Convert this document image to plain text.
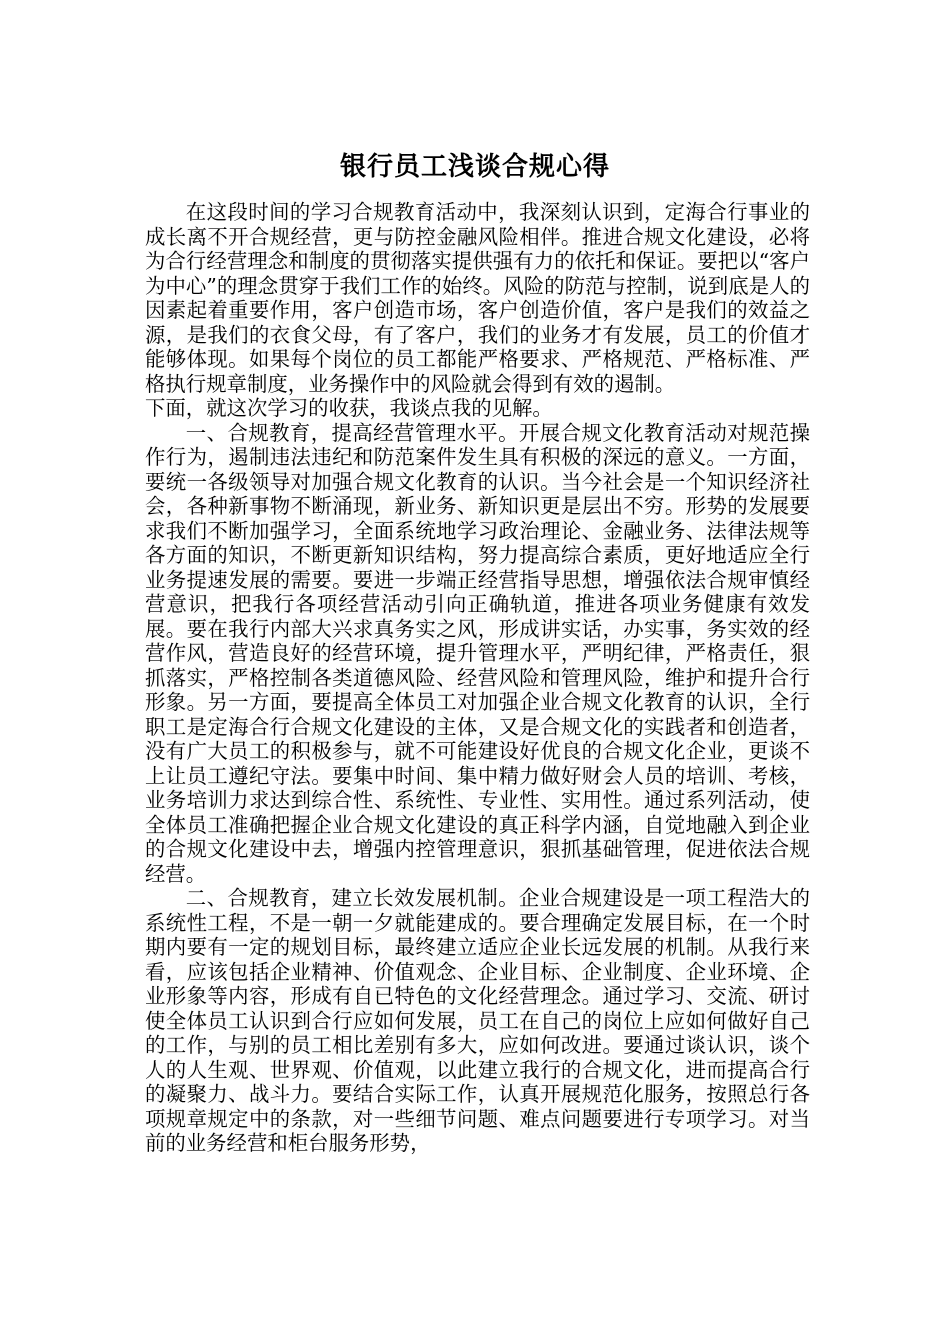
银行员工浅谈合规心得

在这段时间的学习合规教育活动中，我深刻认识到，定海合行事业的成长离不开合规经营，更与防控金融风险相伴。推进合规文化建设，必将为合行经营理念和制度的贯彻落实提供强有力的依托和保证。要把以“客户为中心”的理念贯穿于我们工作的始终。风险的防范与控制，说到底是人的因素起着重要作用，客户创造市场，客户创造价值，客户是我们的效益之源，是我们的衣食父母，有了客户，我们的业务才有发展，员工的价值才能够体现。如果每个岗位的员工都能严格要求、严格规范、严格标准、严格执行规章制度，业务操作中的风险就会得到有效的遏制。

下面，就这次学习的收获，我谈点我的见解。

一、合规教育，提高经营管理水平。开展合规文化教育活动对规范操作行为，遏制违法违纪和防范案件发生具有积极的深远的意义。一方面，要统一各级领导对加强合规文化教育的认识。当今社会是一个知识经济社会，各种新事物不断涌现，新业务、新知识更是层出不穷。形势的发展要求我们不断加强学习，全面系统地学习政治理论、金融业务、法律法规等各方面的知识，不断更新知识结构，努力提高综合素质，更好地适应全行业务提速发展的需要。要进一步端正经营指导思想，增强依法合规审慎经营意识，把我行各项经营活动引向正确轨道，推进各项业务健康有效发展。要在我行内部大兴求真务实之风，形成讲实话，办实事，务实效的经营作风，营造良好的经营环境，提升管理水平，严明纪律，严格责任，狠抓落实，严格控制各类道德风险、经营风险和管理风险，维护和提升合行形象。另一方面，要提高全体员工对加强企业合规文化教育的认识，全行职工是定海合行合规文化建设的主体，又是合规文化的实践者和创造者，没有广大员工的积极参与，就不可能建设好优良的合规文化企业，更谈不上让员工遵纪守法。要集中时间、集中精力做好财会人员的培训、考核，业务培训力求达到综合性、系统性、专业性、实用性。通过系列活动，使全体员工准确把握企业合规文化建设的真正科学内涵，自觉地融入到企业的合规文化建设中去，增强内控管理意识，狠抓基础管理，促进依法合规经营。

二、合规教育，建立长效发展机制。企业合规建设是一项工程浩大的系统性工程，不是一朝一夕就能建成的。要合理确定发展目标，在一个时期内要有一定的规划目标，最终建立适应企业长远发展的机制。从我行来看，应该包括企业精神、价值观念、企业目标、企业制度、企业环境、企业形象等内容，形成有自已特色的文化经营理念。通过学习、交流、研讨使全体员工认识到合行应如何发展，员工在自己的岗位上应如何做好自己的工作，与别的员工相比差别有多大，应如何改进。要通过谈认识，谈个人的人生观、世界观、价值观，以此建立我行的合规文化，进而提高合行的凝聚力、战斗力。要结合实际工作，认真开展规范化服务，按照总行各项规章规定中的条款，对一些细节问题、难点问题要进行专项学习。对当前的业务经营和柜台服务形势，
